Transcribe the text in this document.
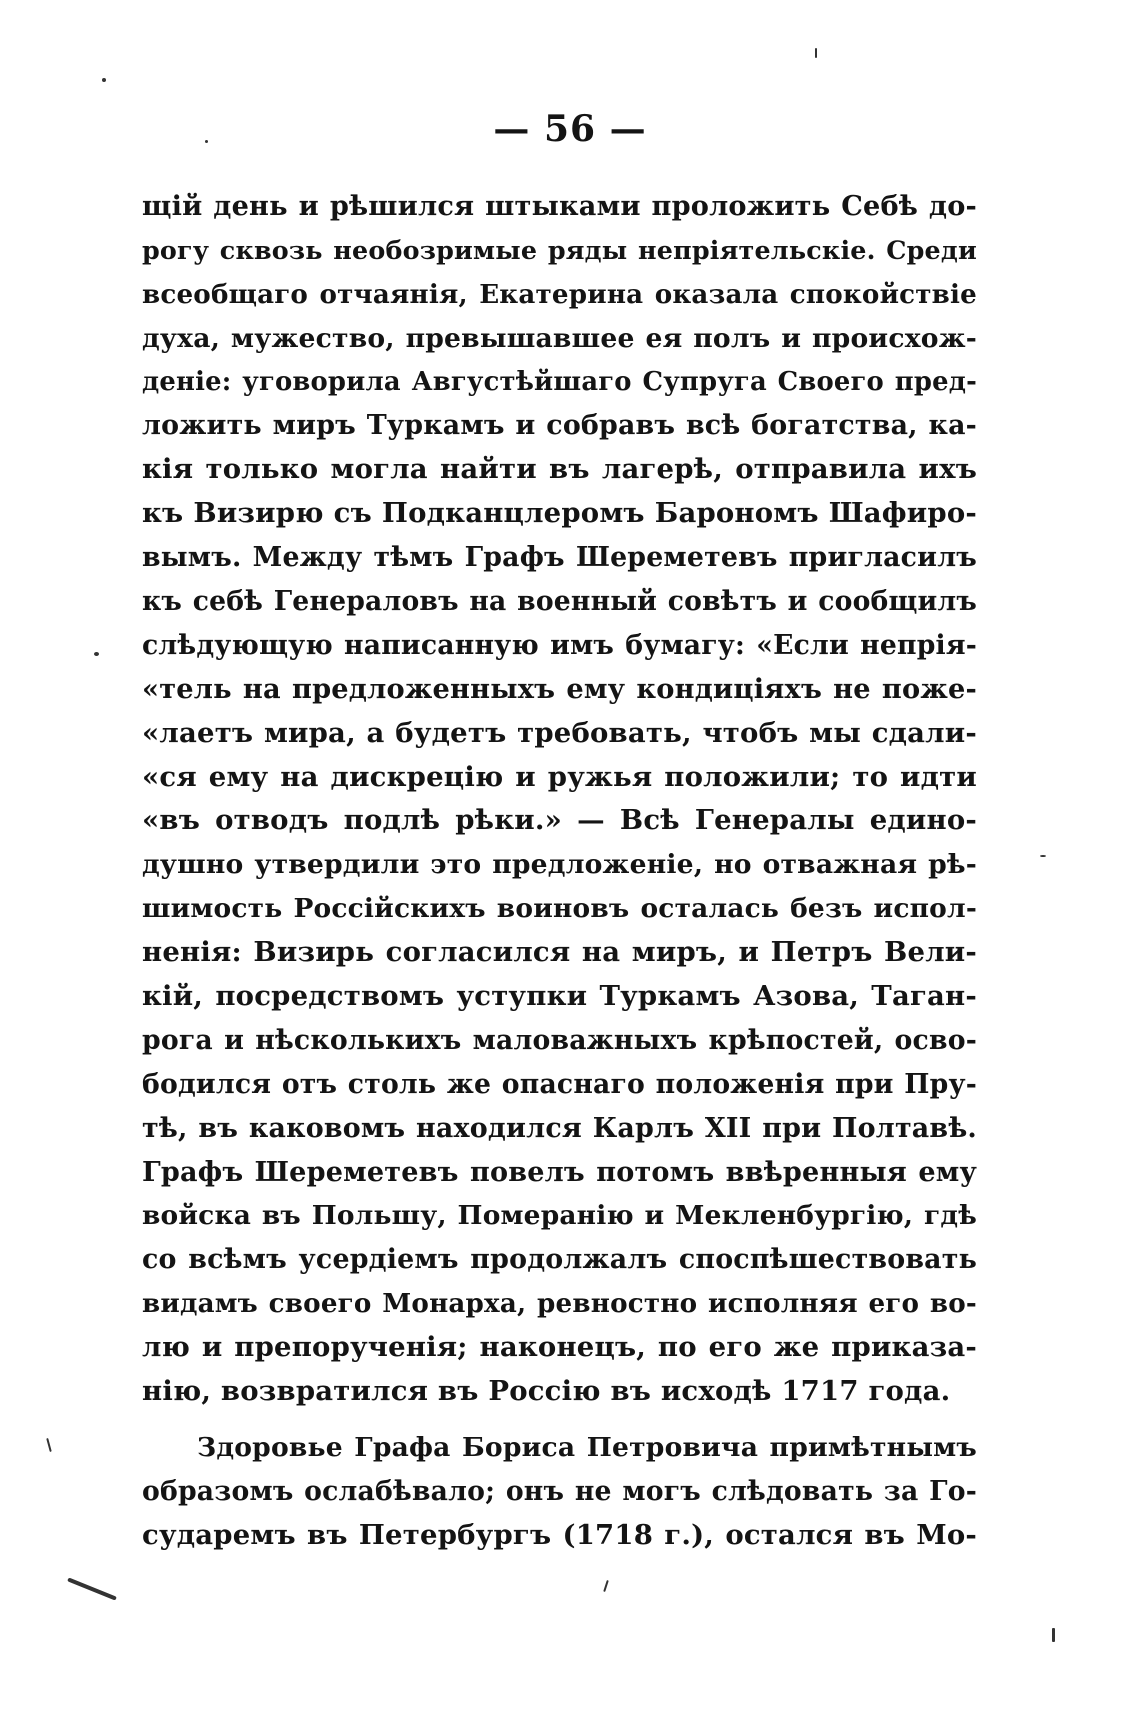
— 56 —
щій день и рѣшился штыками проложить Себѣ до-
рогу сквозь необозримые ряды непріятельскіе. Среди
всеобщаго отчаянія, Екатерина оказала спокойствіе
духа, мужество, превышавшее ея полъ и происхож-
деніе: уговорила Августѣйшаго Супруга Своего пред-
ложить миръ Туркамъ и собравъ всѣ богатства, ка-
кія только могла найти въ лагерѣ, отправила ихъ
къ Визирю съ Подканцлеромъ Барономъ Шафиро-
вымъ. Между тѣмъ Графъ Шереметевъ пригласилъ
къ себѣ Генераловъ на военный совѣтъ и сообщилъ
слѣдующую написанную имъ бумагу: «Если непрія-
«тель на предложенныхъ ему кондиціяхъ не поже-
«лаетъ мира, а будетъ требовать, чтобъ мы сдали-
«ся ему на дискрецію и ружья положили; то идти
«въ отводъ подлѣ рѣки.» — Всѣ Генералы едино-
душно утвердили это предложеніе, но отважная рѣ-
шимость Россійскихъ воиновъ осталась безъ испол-
ненія: Визирь согласился на миръ, и Петръ Вели-
кій, посредствомъ уступки Туркамъ Азова, Таган-
рога и нѣсколькихъ маловажныхъ крѣпостей, осво-
бодился отъ столь же опаснаго положенія при Пру-
тѣ, въ каковомъ находился Карлъ XII при Полтавѣ.
Графъ Шереметевъ повелъ потомъ ввѣренныя ему
войска въ Польшу, Померанію и Мекленбургію, гдѣ
со всѣмъ усердіемъ продолжалъ споспѣшествовать
видамъ своего Монарха, ревностно исполняя его во-
лю и препорученія; наконецъ, по его же приказа-
нію, возвратился въ Россію въ исходѣ 1717 года.
Здоровье Графа Бориса Петровича примѣтнымъ
образомъ ослабѣвало; онъ не могъ слѣдовать за Го-
сударемъ въ Петербургъ (1718 г.), остался въ Мо-
